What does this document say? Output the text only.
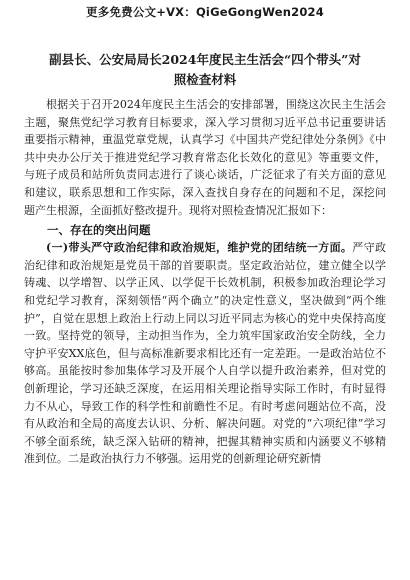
更多免费公文+VX：QiGeGongWen2024
副县长、公安局局长2024年度民主生活会“四个带头”对照检查材料

根据关于召开2024年度民主生活会的安排部署，围绕这次民主生活会主题，聚焦党纪学习教育目标要求，深入学习贯彻习近平总书记重要讲话重要指示精神，重温党章党规，认真学习《中国共产党纪律处分条例》《中共中央办公厅关于推进党纪学习教育常态化长效化的意见》等重要文件，与班子成员和站所负责同志进行了谈心谈话，广泛征求了有关方面的意见和建议，联系思想和工作实际，深入查找自身存在的问题和不足，深挖问题产生根源，全面抓好整改提升。现将对照检查情况汇报如下：

一、存在的突出问题

(一)带头严守政治纪律和政治规矩，维护党的团结统一方面。严守政治纪律和政治规矩是党员干部的首要职责。坚定政治站位，建立健全以学铸魂、以学增智、以学正风、以学促干长效机制，积极参加政治理论学习和党纪学习教育，深刻领悟“两个确立”的决定性意义，坚决做到“两个维护”，自觉在思想上政治上行动上同以习近平同志为核心的党中央保持高度一致。坚持党的领导，主动担当作为，全力筑牢国家政治安全防线，全力守护平安XX底色，但与高标准新要求相比还有一定差距。一是政治站位不够高。虽能按时参加集体学习及开展个人自学以提升政治素养，但对党的创新理论，学习还缺乏深度，在运用相关理论指导实际工作时，有时显得力不从心，导致工作的科学性和前瞻性不足。有时考虑问题站位不高，没有从政治和全局的高度去认识、分析、解决问题。对党的“六项纪律”学习不够全面系统，缺乏深入钻研的精神，把握其精神实质和内涵要义不够精准到位。二是政治执行力不够强。运用党的创新理论研究新情
